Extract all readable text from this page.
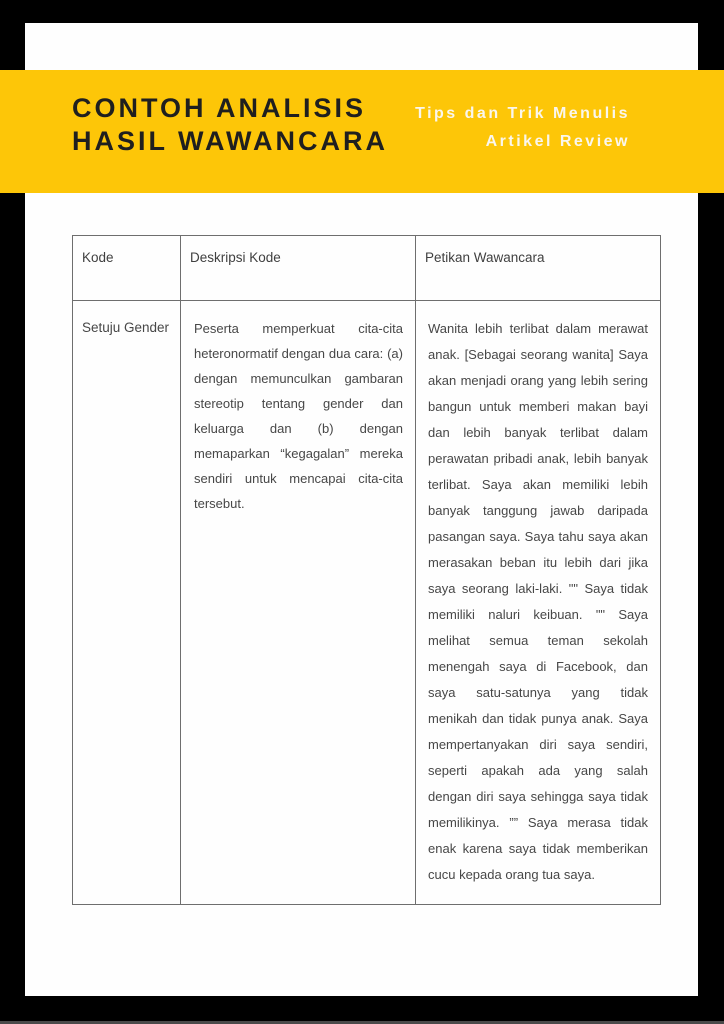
CONTOH ANALISIS
HASIL WAWANCARA
Tips dan Trik Menulis
Artikel Review
Kode	Deskripsi Kode	Petikan Wawancara
Setuju Gender	Peserta memperkuat cita-cita heteronormatif dengan dua cara: (a) dengan memunculkan gambaran stereotip tentang gender dan keluarga dan (b) dengan memaparkan “kegagalan” mereka sendiri untuk mencapai cita-cita tersebut.	Wanita lebih terlibat dalam merawat anak. [Sebagai seorang wanita] Saya akan menjadi orang yang lebih sering bangun untuk memberi makan bayi dan lebih banyak terlibat dalam perawatan pribadi anak, lebih banyak terlibat. Saya akan memiliki lebih banyak tanggung jawab daripada pasangan saya. Saya tahu saya akan merasakan beban itu lebih dari jika saya seorang laki-laki. "" Saya tidak memiliki naluri keibuan. "" Saya melihat semua teman sekolah menengah saya di Facebook, dan saya satu-satunya yang tidak menikah dan tidak punya anak. Saya mempertanyakan diri saya sendiri, seperti apakah ada yang salah dengan diri saya sehingga saya tidak memilikinya. ”” Saya merasa tidak enak karena saya tidak memberikan cucu kepada orang tua saya.
